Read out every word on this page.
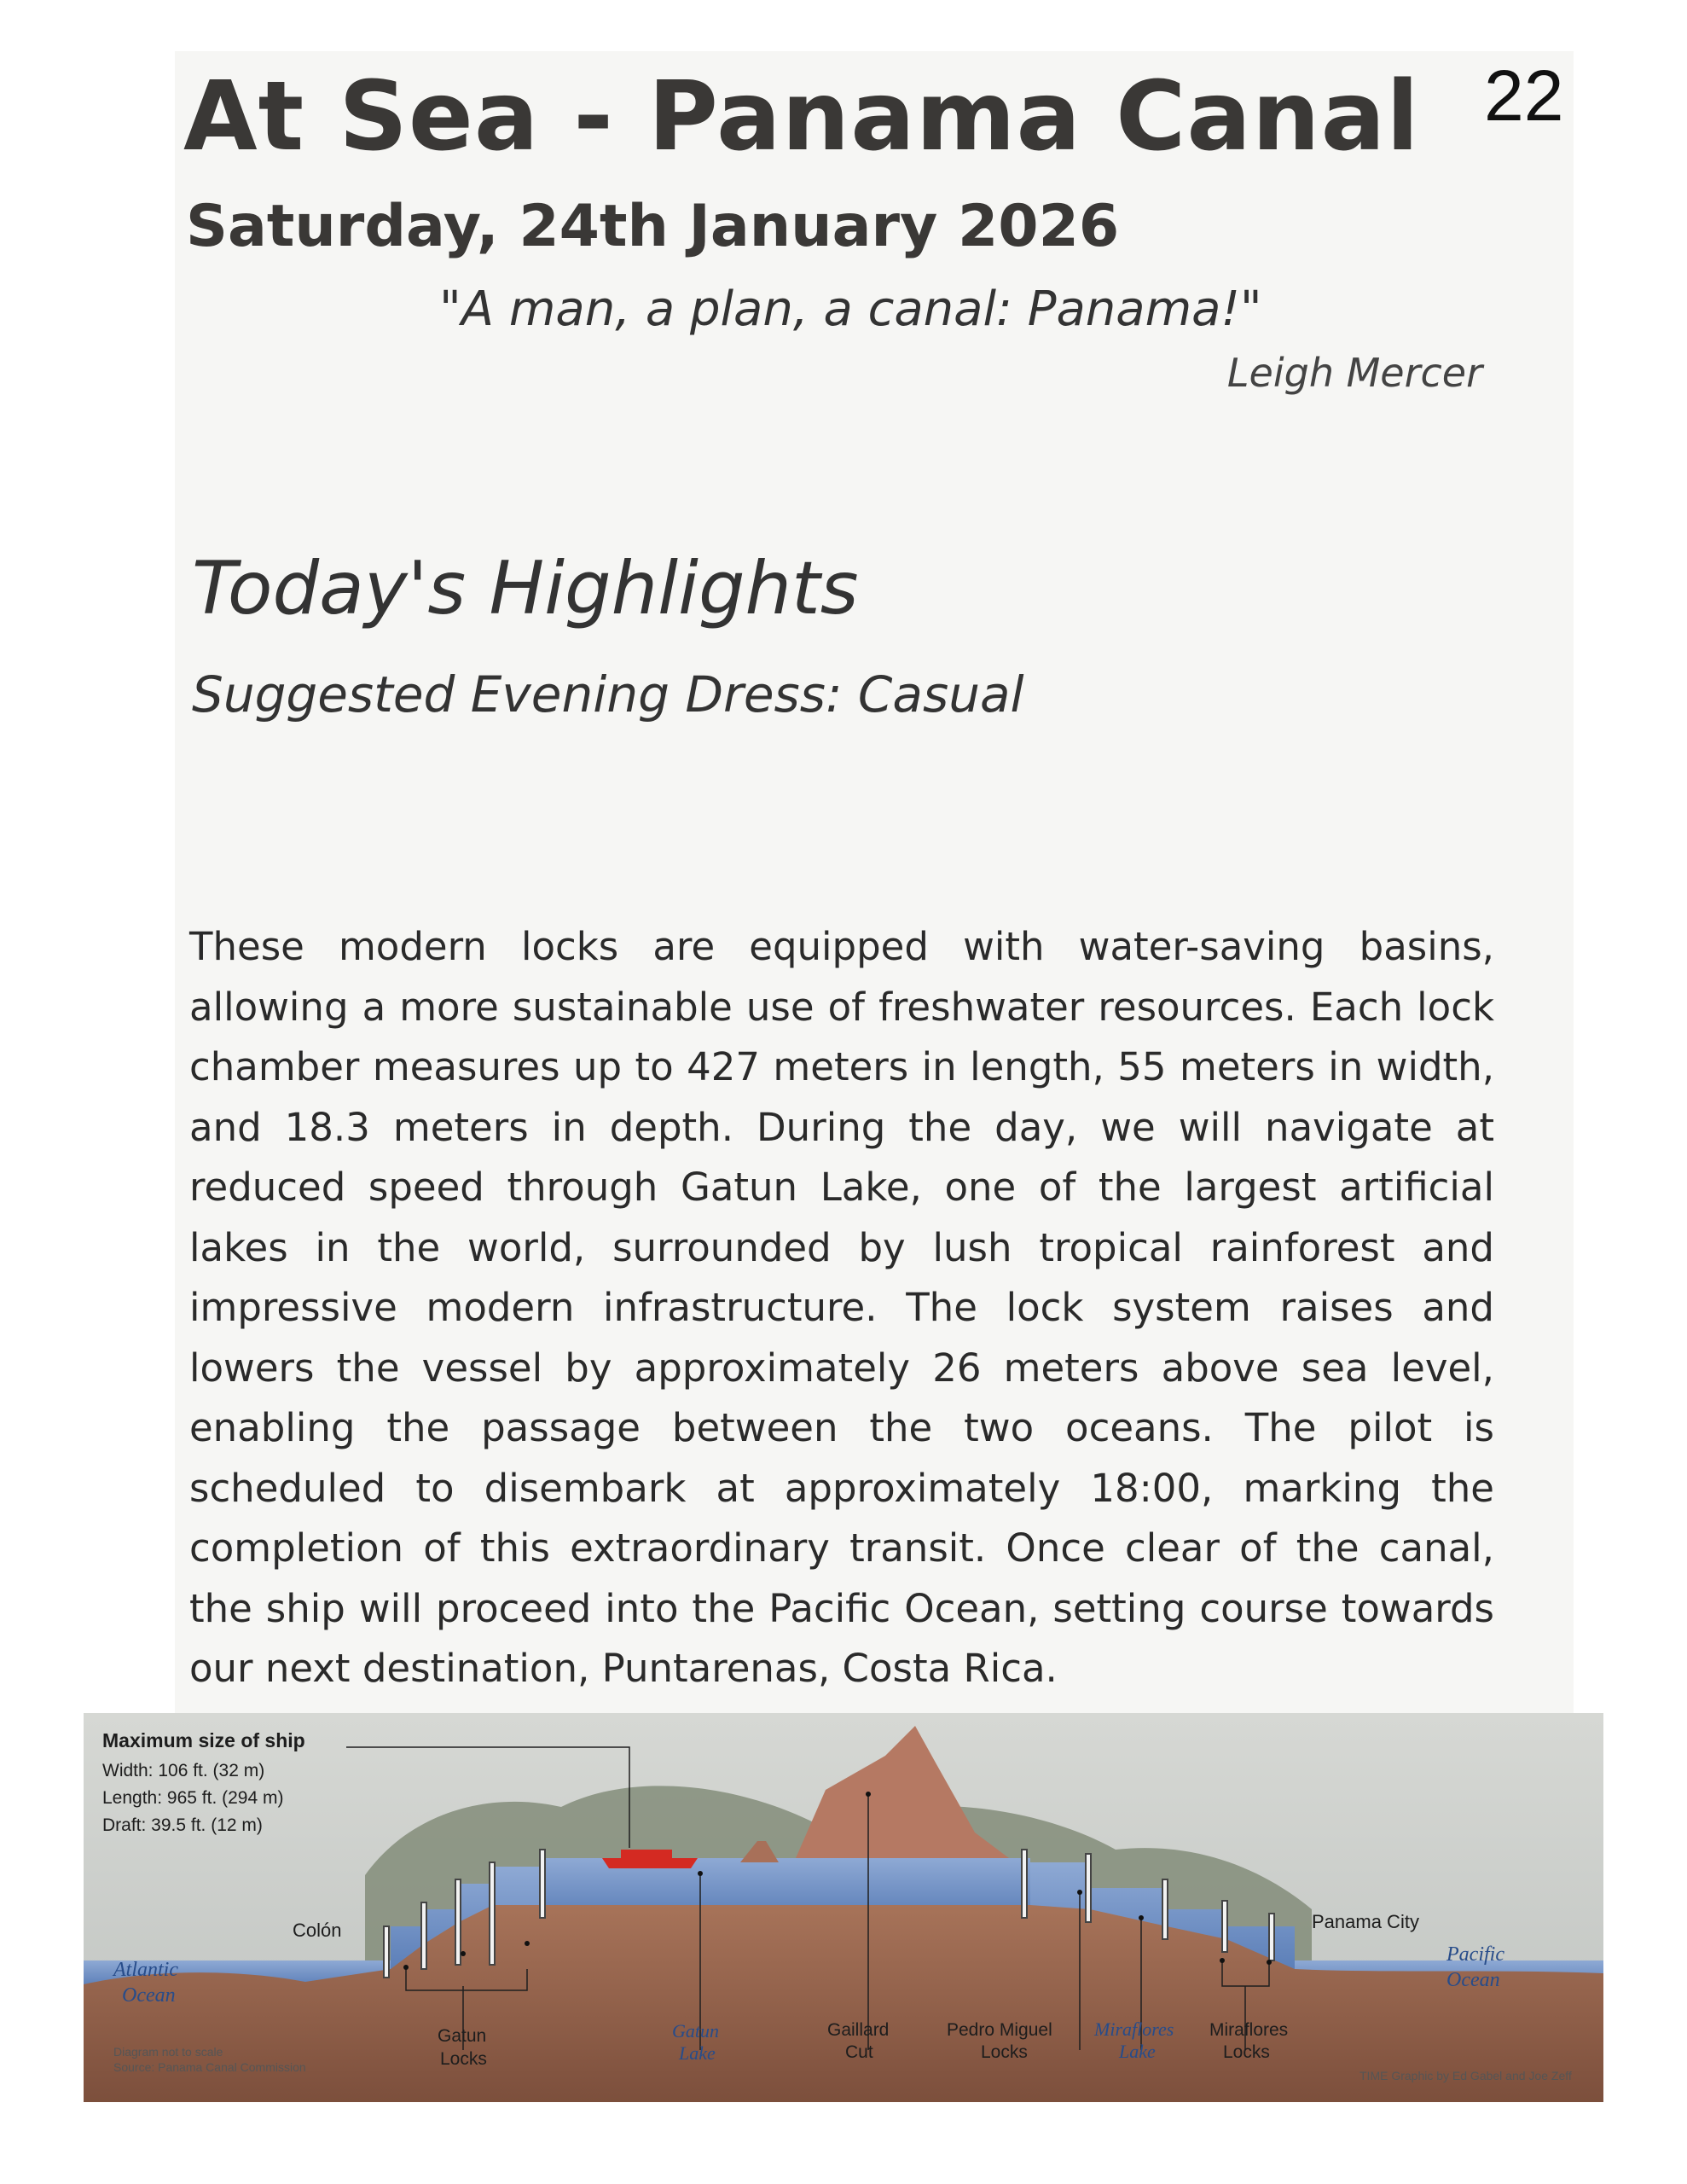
22
At Sea - Panama Canal
Saturday, 24th January 2026
"A man, a plan, a canal: Panama!"
Leigh Mercer
Today's Highlights
Suggested Evening Dress: Casual
These modern locks are equipped with water-saving basins, allowing a more sustainable use of freshwater resources. Each lock chamber measures up to 427 meters in length, 55 meters in width, and 18.3 meters in depth. During the day, we will navigate at reduced speed through Gatun Lake, one of the largest artificial lakes in the world, surrounded by lush tropical rainforest and impressive modern infrastructure. The lock system raises and lowers the vessel by approximately 26 meters above sea level, enabling the passage between the two oceans. The pilot is scheduled to disembark at approximately 18:00, marking the completion of this extraordinary transit. Once clear of the canal, the ship will proceed into the Pacific Ocean, setting course towards our next destination, Puntarenas, Costa Rica.
Maximum size of ship
Width: 106 ft. (32 m)
Length: 965 ft. (294 m)
Draft: 39.5 ft. (12 m)
Atlantic
Ocean
Colón
Gatun
Locks
Gatun
Lake
Gaillard
Cut
Pedro Miguel
Locks
Miraflores
Lake
Miraflores
Locks
Panama City
Pacific
Ocean
Diagram not to scale
Source: Panama Canal Commission
TIME Graphic by Ed Gabel and Joe Zeff
